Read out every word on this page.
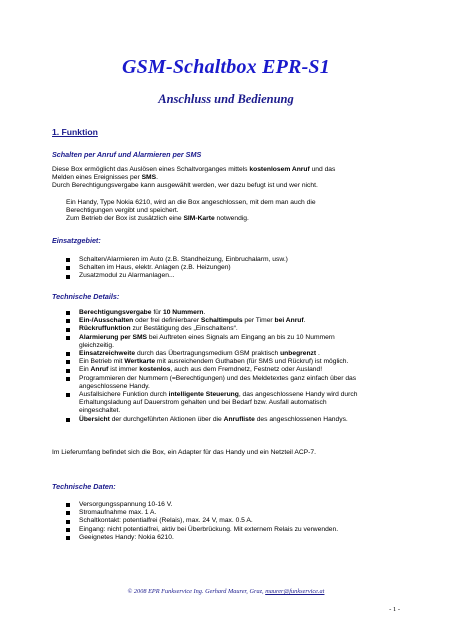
GSM-Schaltbox EPR-S1
Anschluss und Bedienung
1. Funktion
Schalten per Anruf und Alarmieren per SMS
Diese Box ermöglicht das Auslösen eines Schaltvorganges mittels kostenlosem Anruf und das
Melden eines Ereignisses per SMS.
Durch Berechtigungsvergabe kann ausgewählt werden, wer dazu befugt ist und wer nicht.
Ein Handy, Type Nokia 6210, wird an die Box angeschlossen, mit dem man auch die
Berechtigungen vergibt und speichert.
Zum Betrieb der Box ist zusätzlich eine SIM-Karte notwendig.
Einsatzgebiet:
Schalten/Alarmieren im Auto (z.B. Standheizung, Einbruchalarm, usw.)
Schalten im Haus, elektr. Anlagen (z.B. Heizungen)
Zusatzmodul zu Alarmanlagen...
Technische Details:
Berechtigungsvergabe für 10 Nummern.
Ein-/Ausschalten oder frei definierbarer Schaltimpuls per Timer bei Anruf.
Rückruffunktion zur Bestätigung des „Einschaltens“.
Alarmierung per SMS bei Auftreten eines Signals am Eingang an bis zu 10 Nummern
gleichzeitig.
Einsatzreichweite durch das Übertragungsmedium GSM praktisch unbegrenzt .
Ein Betrieb mit Wertkarte mit ausreichendem Guthaben (für SMS und Rückruf) ist möglich.
Ein Anruf ist immer kostenlos, auch aus dem Fremdnetz, Festnetz oder Ausland!
Programmieren der Nummern (=Berechtigungen) und des Meldetextes ganz einfach über das
angeschlossene Handy.
Ausfallsichere Funktion durch intelligente Steuerung, das angeschlossene Handy wird durch
Erhaltungsladung auf Dauerstrom gehalten und bei Bedarf bzw. Ausfall automatisch
eingeschaltet.
Übersicht der durchgeführten Aktionen über die Anrufliste des angeschlossenen Handys.
Im Lieferumfang befindet sich die Box, ein Adapter für das Handy und ein Netzteil ACP-7.
Technische Daten:
Versorgungsspannung 10-16 V.
Stromaufnahme max. 1 A.
Schaltkontakt: potentialfrei (Relais), max. 24 V, max. 0.5 A.
Eingang: nicht potentialfrei, aktiv bei Überbrückung. Mit externem Relais zu verwenden.
Geeignetes Handy: Nokia 6210.
© 2008 EPR Funkservice Ing. Gerhard Maurer, Graz, maurer@funkservice.at
- 1 -
